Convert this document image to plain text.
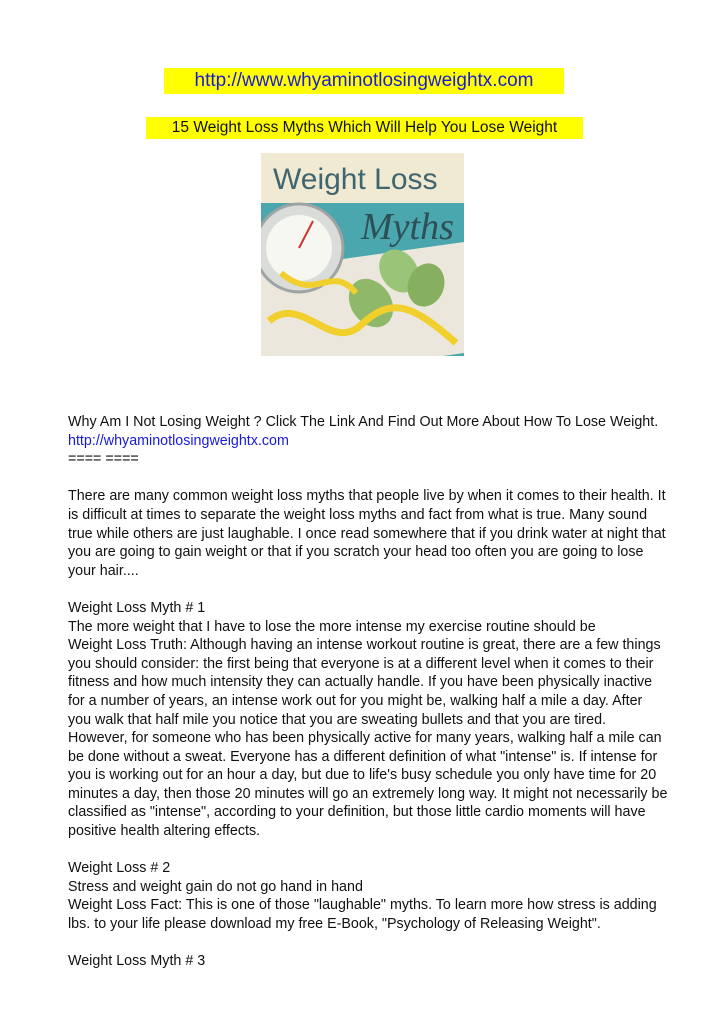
http://www.whyaminotlosingweightx.com
15 Weight Loss Myths Which Will Help You Lose Weight
Weight Loss
Myths

Why Am I Not Losing Weight ? Click The Link And Find Out More About How To Lose Weight.

http://whyaminotlosingweightx.com

==== ====

There are many common weight loss myths that people live by when it comes to their health. It is difficult at times to separate the weight loss myths and fact from what is true. Many sound true while others are just laughable. I once read somewhere that if you drink water at night that you are going to gain weight or that if you scratch your head too often you are going to lose your hair....

Weight Loss Myth # 1

The more weight that I have to lose the more intense my exercise routine should be

Weight Loss Truth: Although having an intense workout routine is great, there are a few things you should consider: the first being that everyone is at a different level when it comes to their fitness and how much intensity they can actually handle. If you have been physically inactive for a number of years, an intense work out for you might be, walking half a mile a day. After you walk that half mile you notice that you are sweating bullets and that you are tired. However, for someone who has been physically active for many years, walking half a mile can be done without a sweat. Everyone has a different definition of what "intense" is. If intense for you is working out for an hour a day, but due to life's busy schedule you only have time for 20 minutes a day, then those 20 minutes will go an extremely long way. It might not necessarily be classified as "intense", according to your definition, but those little cardio moments will have positive health altering effects.

Weight Loss # 2

Stress and weight gain do not go hand in hand

Weight Loss Fact: This is one of those "laughable" myths. To learn more how stress is adding lbs. to your life please download my free E-Book, "Psychology of Releasing Weight".

Weight Loss Myth # 3
